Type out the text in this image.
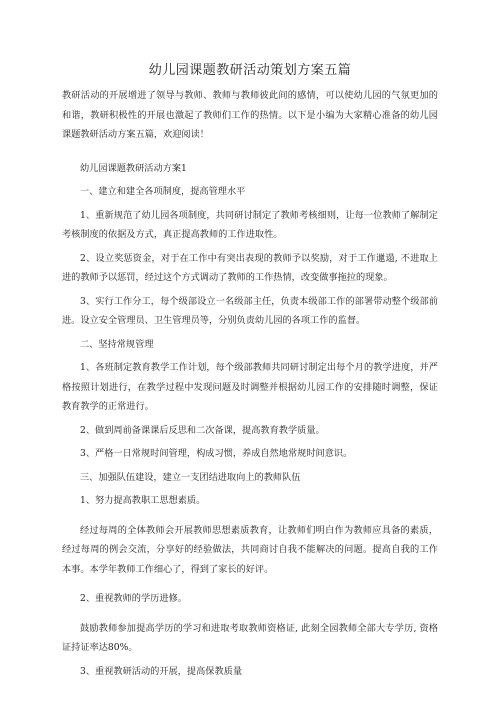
幼儿园课题教研活动策划方案五篇

教研活动的开展增进了领导与教师、教师与教师彼此间的感情，可以使幼儿园的气氛更加的和谐，教研积极性的开展也激起了教师们工作的热情。以下是小编为大家精心准备的幼儿园课题教研活动方案五篇，欢迎阅读！

幼儿园课题教研活动方案1

一、建立和建全各项制度，提高管理水平

1、重新规范了幼儿园各项制度，共同研讨制定了教师考核细则，让每一位教师了解制定考核制度的依据及方式，真正提高教师的工作进取性。

2、设立奖惩资金，对于在工作中有突出表现的教师予以奖励，对于工作邋遢, 不进取上进的教师予以惩罚，经过这个方式调动了教师的工作热情，改变做事拖拉的现象。

3、实行工作分工，每个级部设立一名级部主任，负责本级部工作的部署带动整个级部前进。设立安全管理员、卫生管理员等，分别负责幼儿园的各项工作的监督。

二、坚持常规管理

1、各班制定教育教学工作计划，每个级部教师共同研讨制定出每个月的教学进度，并严格按照计划进行，在教学过程中发现问题及时调整并根据幼儿园工作的安排随时调整，保证教育教学的正常进行。

2、做到周前备课课后反思和二次备课，提高教育教学质量。

3、严格一日常规时间管理，构成习惯，养成自然地常规时间意识。

三、加强队伍建设，建立一支团结进取向上的教师队伍

1、努力提高教职工思想素质。

经过每周的全体教师会开展教师思想素质教育，让教师们明白作为教师应具备的素质，经过每周的例会交流，分享好的经验做法，共同商讨自我不能解决的问题。提高自我的工作本事。本学年教师工作细心了，得到了家长的好评。

2、重视教师的学历进修。

鼓励教师参加提高学历的学习和进取考取教师资格证, 此刻全园教师全部大专学历, 资格证持证率达80%。

3、重视教研活动的开展，提高保教质量
